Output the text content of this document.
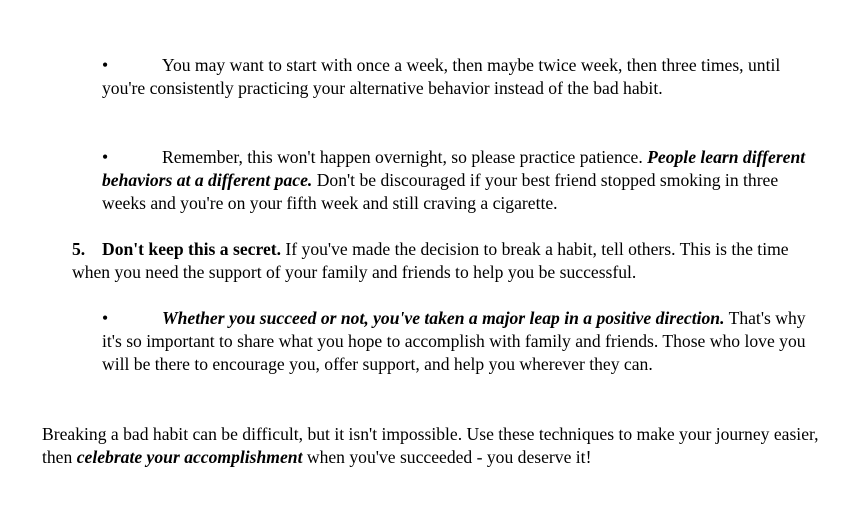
•	You may want to start with once a week, then maybe twice week, then three times, until you're consistently practicing your alternative behavior instead of the bad habit.

•	Remember, this won't happen overnight, so please practice patience. People learn different behaviors at a different pace. Don't be discouraged if your best friend stopped smoking in three weeks and you're on your fifth week and still craving a cigarette.

5. Don't keep this a secret. If you've made the decision to break a habit, tell others. This is the time when you need the support of your family and friends to help you be successful.

•	Whether you succeed or not, you've taken a major leap in a positive direction. That's why it's so important to share what you hope to accomplish with family and friends. Those who love you will be there to encourage you, offer support, and help you wherever they can.

Breaking a bad habit can be difficult, but it isn't impossible. Use these techniques to make your journey easier, then celebrate your accomplishment when you've succeeded - you deserve it!
